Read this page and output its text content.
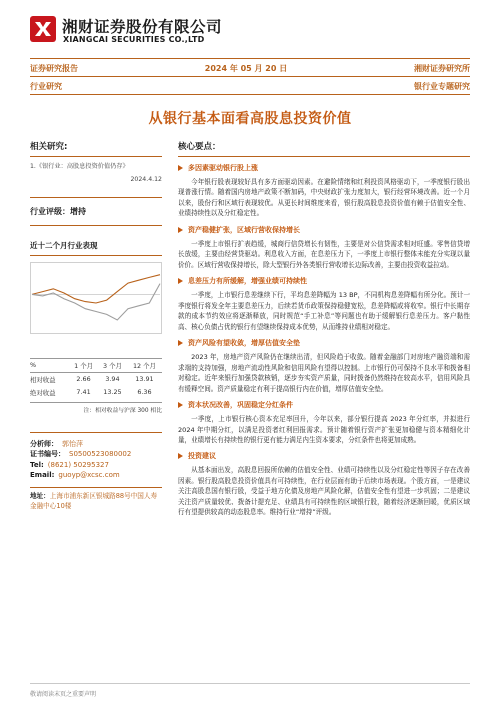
湘财证券股份有限公司
XIANGCAI SECURITIES CO.,LTD
证券研究报告	2024 年 05 月 20 日	湘财证券研究所
行业研究	银行业专题研究
从银行基本面看高股息投资价值
相关研究:
1.《银行业：高股息投资价值仍存》
2024.4.12
行业评级：增持
近十二个月行业表现
%	1 个月	3 个月	12 个月
相对收益	2.66	3.94	13.91
绝对收益	7.41	13.25	6.36
注：相对收益与沪深 300 相比
分析师： 郭怡萍
证书编号： S0500523080002
Tel: (8621) 50295327
Email: guoyp@xcsc.com
地址：上海市浦东新区银城路88号中国人寿金融中心10楼
核心要点：
多因素驱动银行股上涨
今年银行股表现较好具有多方面驱动因素。在避险情绪和红利投资风格驱动下，一季度银行股出现普涨行情。随着国内房地产政策不断加码，中央财政扩张力度加大，银行经营环境改善。近一个月以来，股份行和区域行表现较优。从更长时间维度来看，银行股高股息投资价值有赖于估值安全性、业绩持续性以及分红稳定性。
资产稳健扩张，区域行营收保持增长
一季度上市银行扩表趋缓，城商行信贷增长有韧性，主要是对公信贷需求相对旺盛。零售信贷增长放缓，主要由经营贷驱动。利息收入方面，在息差压力下，一季度上市银行整体未能充分实现以量价价。区域行营收保持增长，除大型银行外各类银行营收增长边际改善，主要由投资收益拉动。
息差压力有所缓解，增强业绩可持续性
一季度，上市银行息差继续下行，平均息差降幅为 13 BP，不同机构息差降幅有所分化。预计一季度银行将发全年主要息差压力，后续若货币政策保持稳健宽松，息差降幅或将收窄。银行中长期存款的成本节约效应将逐渐释放，同时规范“手工补息”等问题也有助于缓解银行息差压力。客户黏性高、核心负债占优的银行有望继续保持成本优势，从而维持业绩相对稳定。
资产风险有望收敛，增厚估值安全垫
2023 年，房地产资产风险仍在继续出清，但风险趋于收敛。随着金融部门对房地产融资端和需求端的支持加强，房地产流动性风险和信用风险有望得以控制。上市银行仍可保持不良水平和拨备相对稳定。近年来银行加强贷款核销，逐步夯实资产质量，同时拨备仍然维持在较高水平，信用风险具有缓释空间。资产质量稳定有利于提高银行内在价值，增厚估值安全垫。
资本状况改善，巩固稳定分红条件
一季度，上市银行核心资本充足率回升，今年以来，部分银行提高 2023 年分红率，并拟进行 2024 年中期分红，以满足投资者红利回报需求。预计随着银行资产扩张更加稳健与资本精细化计量，业绩增长有持续性的银行更有能力满足内生资本要求，分红条件也将更加成熟。
投资建议
从基本面出发，高股息回报所依赖的估值安全性、业绩可持续性以及分红稳定性等因子存在改善因素。银行股高股息投资价值具有可持续性，在行业层面有助于后续市场表现。个股方面，一是建议关注高股息国有银行股，受益于地方化债及房地产风险化解，估值安全性有望进一步巩固；二是建议关注资产质量较优、拨备计提充足、业绩具有可持续性的区域银行股，随着经济逐渐回暖，优质区域行有望提供较高的动态股息率。维持行业“增持”评级。
敬请阅读末页之重要声明
